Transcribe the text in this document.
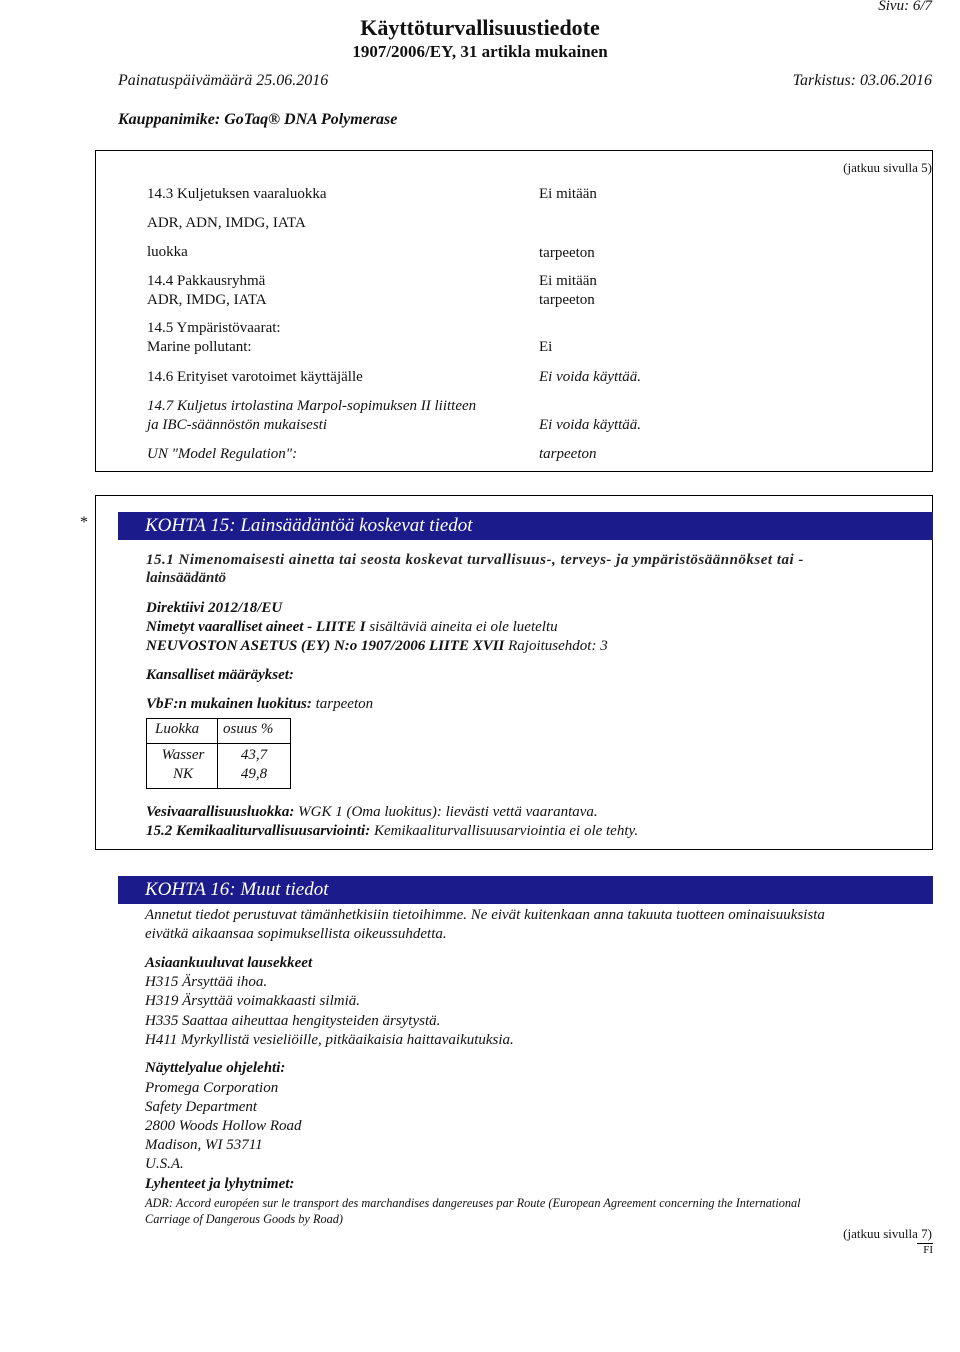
Sivu: 6/7
Käyttöturvallisuustiedote
1907/2006/EY, 31 artikla mukainen
Painatuspäivämäärä 25.06.2016	Tarkistus: 03.06.2016
Kauppanimike: GoTaq® DNA Polymerase
(jatkuu sivulla 5)
14.3 Kuljetuksen vaaraluokka	Ei mitään
ADR, ADN, IMDG, IATA
luokka	tarpeeton
14.4 Pakkausryhmä	Ei mitään
ADR, IMDG, IATA	tarpeeton
14.5 Ympäristövaarat:
Marine pollutant:	Ei
14.6 Erityiset varotoimet käyttäjälle	Ei voida käyttää.
14.7 Kuljetus irtolastina Marpol-sopimuksen II liitteen
ja IBC-säännöstön mukaisesti	Ei voida käyttää.
UN "Model Regulation":	tarpeeton
*	KOHTA 15: Lainsäädäntöä koskevat tiedot
15.1 Nimenomaisesti ainetta tai seosta koskevat turvallisuus-, terveys- ja ympäristösäännökset tai -
lainsäädäntö
Direktiivi 2012/18/EU
Nimetyt vaaralliset aineet - LIITE I sisältäviä aineita ei ole lueteltu
NEUVOSTON ASETUS (EY) N:o 1907/2006 LIITE XVII Rajoitusehdot: 3
Kansalliset määräykset:
VbF:n mukainen luokitus: tarpeeton
Luokka osuus %
Wasser	43,7
NK	49,8
Vesivaarallisuusluokka: WGK 1 (Oma luokitus): lievästi vettä vaarantava.
15.2 Kemikaaliturvallisuusarviointi: Kemikaaliturvallisuusarviointia ei ole tehty.
KOHTA 16: Muut tiedot
Annetut tiedot perustuvat tämänhetkisiin tietoihimme. Ne eivät kuitenkaan anna takuuta tuotteen ominaisuuksista
eivätkä aikaansaa sopimuksellista oikeussuhdetta.
Asiaankuuluvat lausekkeet
H315 Ärsyttää ihoa.
H319 Ärsyttää voimakkaasti silmiä.
H335 Saattaa aiheuttaa hengitysteiden ärsytystä.
H411 Myrkyllistä vesieliöille, pitkäaikaisia haittavaikutuksia.
Näyttelyalue ohjelehti:
Promega Corporation
Safety Department
2800 Woods Hollow Road
Madison, WI 53711
U.S.A.
Lyhenteet ja lyhytnimet:
ADR: Accord européen sur le transport des marchandises dangereuses par Route (European Agreement concerning the International
Carriage of Dangerous Goods by Road)
(jatkuu sivulla 7)
FI
